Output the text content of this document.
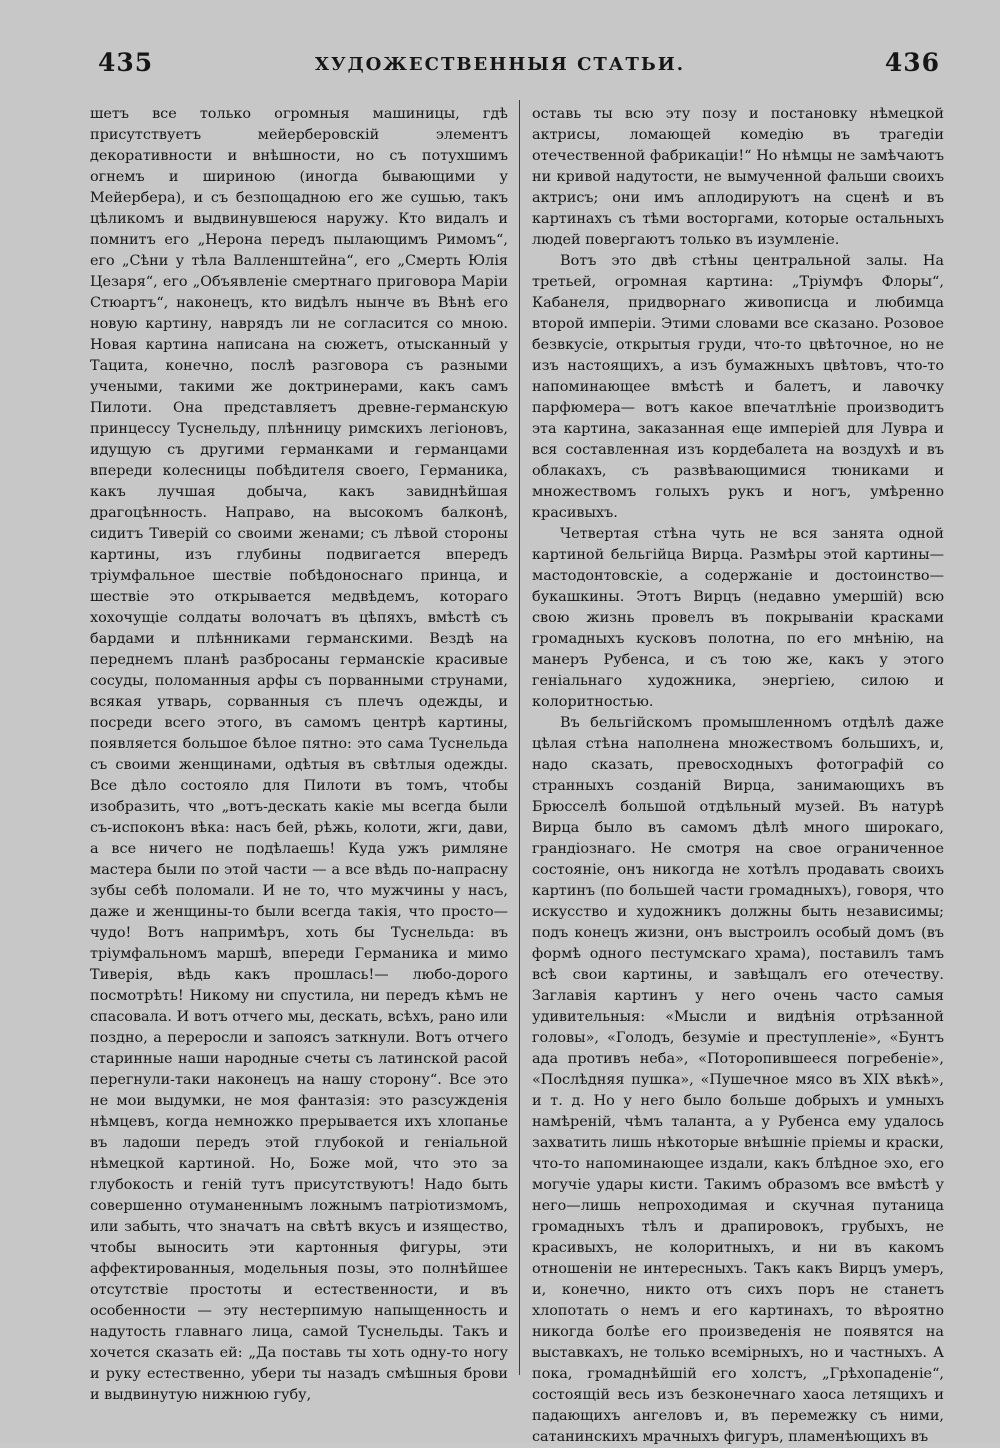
435	ХУДОЖЕСТВЕННЫЯ СТАТЬИ.	436

шетъ все только огромныя машиницы, гдѣ присутствуетъ мейерберовскій элементъ декоративности и внѣшности, но съ потухшимъ огнемъ и шириною (иногда бывающими у Мейербера), и съ безпощадною его же сушью, такъ цѣликомъ и выдвинувшеюся наружу. Кто видалъ и помнитъ его „Нерона передъ пылающимъ Римомъ“, его „Сѣни у тѣла Валленштейна“, его „Смерть Юлія Цезаря“, его „Объявленіе смертнаго приговора Маріи Стюартъ“, наконецъ, кто видѣлъ нынче въ Вѣнѣ его новую картину, наврядъ ли не согласится со мною. Новая картина написана на сюжетъ, отысканный у Тацита, конечно, послѣ разговора съ разными учеными, такими же доктринерами, какъ самъ Пилоти. Она представляетъ древне-германскую принцессу Туснельду, плѣнницу римскихъ легіоновъ, идущую съ другими германками и германцами впереди колесницы побѣдителя своего, Германика, какъ лучшая добыча, какъ завиднѣйшая драгоцѣнность. Направо, на высокомъ балконѣ, сидитъ Тиверій со своими женами; съ лѣвой стороны картины, изъ глубины подвигается впередъ тріумфальное шествіе побѣдоноснаго принца, и шествіе это открывается медвѣдемъ, котораго хохочущіе солдаты волочатъ въ цѣпяхъ, вмѣстѣ съ бардами и плѣнниками германскими. Вездѣ на переднемъ планѣ разбросаны германскіе красивые сосуды, поломанныя арфы съ порванными струнами, всякая утварь, сорванныя съ плечъ одежды, и посреди всего этого, въ самомъ центрѣ картины, появляется большое бѣлое пятно: это сама Туснельда съ своими женщинами, одѣтыя въ свѣтлыя одежды. Все дѣло состояло для Пилоти въ томъ, чтобы изобразить, что „вотъ-дескать какіе мы всегда были съ-испоконъ вѣка: насъ бей, рѣжь, колоти, жги, дави, а все ничего не подѣлаешь! Куда ужъ римляне мастера были по этой части — а все вѣдь по-напрасну зубы себѣ поломали. И не то, что мужчины у насъ, даже и женщины-то были всегда такія, что просто—чудо! Вотъ напримѣръ, хоть бы Туснельда: въ тріумфальномъ маршѣ, впереди Германика и мимо Тиверія, вѣдь какъ прошлась!— любо-дорого посмотрѣть! Никому ни спустила, ни передъ кѣмъ не спасовала. И вотъ отчего мы, дескать, всѣхъ, рано или поздно, а переросли и запоясъ заткнули. Вотъ отчего старинные наши народные счеты съ латинской расой перегнули-таки наконецъ на нашу сторону“. Все это не мои выдумки, не моя фантазія: это разсужденія нѣмцевъ, когда немножко прерывается ихъ хлопанье въ ладоши передъ этой глубокой и геніальной нѣмецкой картиной. Но, Боже мой, что это за глубокость и геній тутъ присутствуютъ! Надо быть совершенно отуманеннымъ ложнымъ патріотизмомъ, или забыть, что значатъ на свѣтѣ вкусъ и изящество, чтобы выносить эти картонныя фигуры, эти аффектированныя, модельныя позы, это полнѣйшее отсутствіе простоты и естественности, и въ особенности — эту нестерпимую напыщенность и надутость главнаго лица, самой Туснельды. Такъ и хочется сказать ей: „Да поставь ты хоть одну-то ногу и руку естественно, убери ты назадъ смѣшныя брови и выдвинутую нижнюю губу,

оставь ты всю эту позу и постановку нѣмецкой актрисы, ломающей комедію въ трагедіи отечественной фабрикаціи!“ Но нѣмцы не замѣчаютъ ни кривой надутости, не вымученной фальши своихъ актрисъ; они имъ аплодируютъ на сценѣ и въ картинахъ съ тѣми восторгами, которые остальныхъ людей повергаютъ только въ изумленіе.

Вотъ это двѣ стѣны центральной залы. На третьей, огромная картина: „Тріумфъ Флоры“, Кабанеля, придворнаго живописца и любимца второй имперіи. Этими словами все сказано. Розовое безвкусіе, открытыя груди, что-то цвѣточное, но не изъ настоящихъ, а изъ бумажныхъ цвѣтовъ, что-то напоминающее вмѣстѣ и балетъ, и лавочку парфюмера— вотъ какое впечатлѣніе производитъ эта картина, заказанная еще имперіей для Лувра и вся составленная изъ кордебалета на воздухѣ и въ облакахъ, съ развѣвающимися тюниками и множествомъ голыхъ рукъ и ногъ, умѣренно красивыхъ.

Четвертая стѣна чуть не вся занята одной картиной бельгійца Вирца. Размѣры этой картины— мастодонтовскіе, а содержаніе и достоинство—букашкины. Этотъ Вирцъ (недавно умершій) всю свою жизнь провелъ въ покрываніи красками громадныхъ кусковъ полотна, по его мнѣнію, на манеръ Рубенса, и съ тою же, какъ у этого геніальнаго художника, энергіею, силою и колоритностью.

Въ бельгійскомъ промышленномъ отдѣлѣ даже цѣлая стѣна наполнена множествомъ большихъ, и, надо сказать, превосходныхъ фотографій со странныхъ созданій Вирца, занимающихъ въ Брюсселѣ большой отдѣльный музей. Въ натурѣ Вирца было въ самомъ дѣлѣ много широкаго, грандіознаго. Не смотря на свое ограниченное состояніе, онъ никогда не хотѣлъ продавать своихъ картинъ (по большей части громадныхъ), говоря, что искусство и художникъ должны быть независимы; подъ конецъ жизни, онъ выстроилъ особый домъ (въ формѣ одного пестумскаго храма), поставилъ тамъ всѣ свои картины, и завѣщалъ его отечеству. Заглавія картинъ у него очень часто самыя удивительныя: «Мысли и видѣнія отрѣзанной головы», «Голодъ, безуміе и преступленіе», «Бунтъ ада противъ неба», «Поторопившееся погребеніе», «Послѣдняя пушка», «Пушечное мясо въ XIX вѣкѣ», и т. д. Но у него было больше добрыхъ и умныхъ намѣреній, чѣмъ таланта, а у Рубенса ему удалось захватить лишь нѣкоторые внѣшніе пріемы и краски, что-то напоминающее издали, какъ блѣдное эхо, его могучіе удары кисти. Такимъ образомъ все вмѣстѣ у него—лишь непроходимая и скучная путаница громадныхъ тѣлъ и драпировокъ, грубыхъ, не красивыхъ, не колоритныхъ, и ни въ какомъ отношеніи не интересныхъ. Такъ какъ Вирцъ умеръ, и, конечно, никто отъ сихъ поръ не станетъ хлопотать о немъ и его картинахъ, то вѣроятно никогда болѣе его произведенія не появятся на выставкахъ, не только всемірныхъ, но и частныхъ. А пока, громаднѣйшій его холстъ, „Грѣхопаденіе“, состоящій весь изъ безконечнаго хаоса летящихъ и падающихъ ангеловъ и, въ перемежку съ ними, сатанинскихъ мрачныхъ фигуръ, пламенѣющихъ въ
